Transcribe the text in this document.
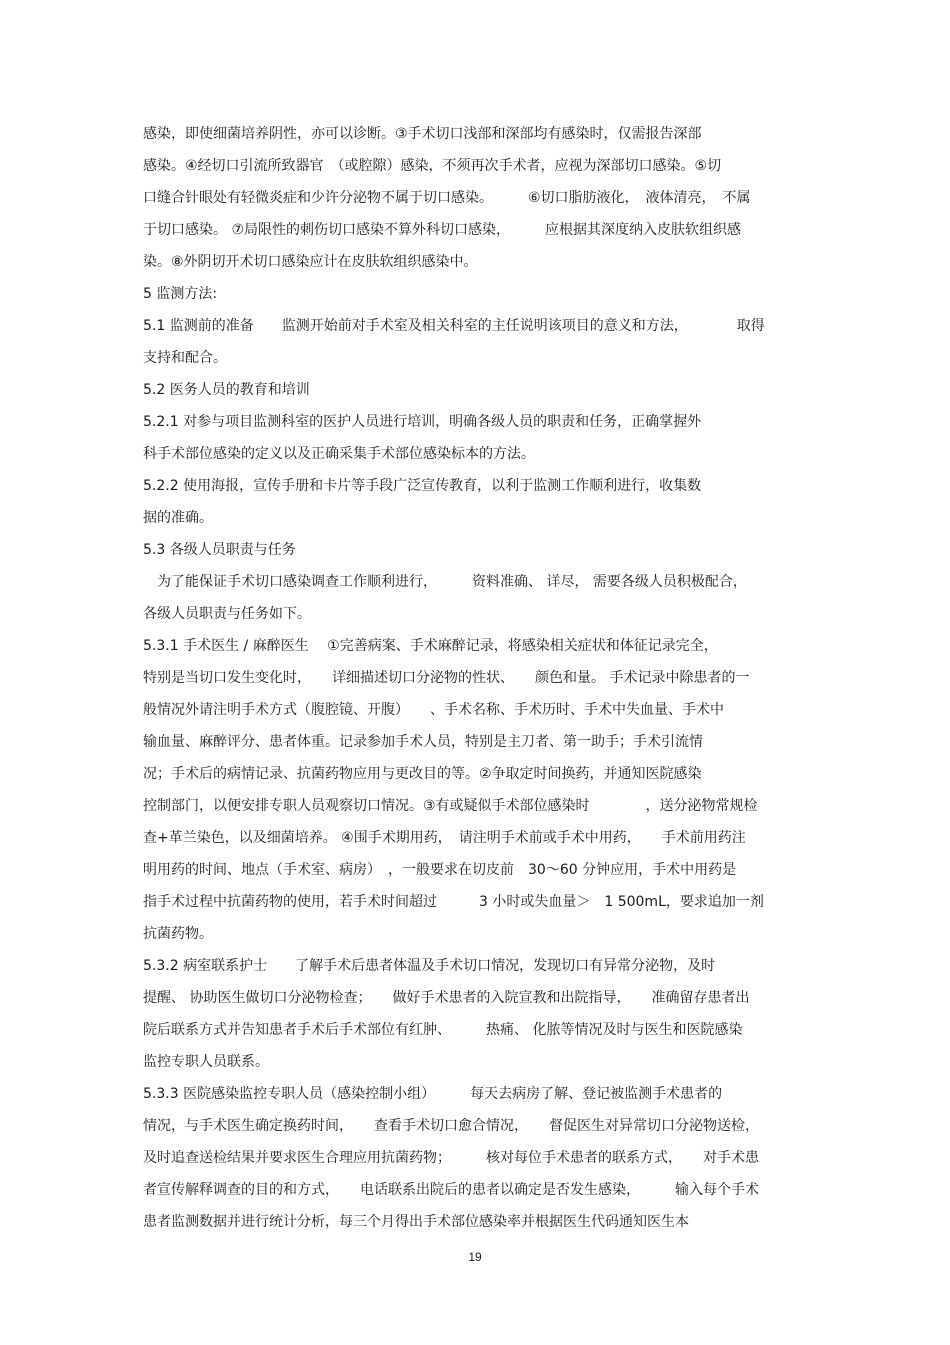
感染，即使细菌培养阴性，亦可以诊断。③手术切口浅部和深部均有感染时，仅需报告深部
感染。④经切口引流所致器官　（或腔隙）感染，不须再次手术者，应视为深部切口感染。⑤切
口缝合针眼处有轻微炎症和少许分泌物不属于切口感染。　　　⑥切口脂肪液化，　液体清亮，　不属
于切口感染。 ⑦局限性的刺伤切口感染不算外科切口感染，　　　应根据其深度纳入皮肤软组织感
染。⑧外阴切开术切口感染应计在皮肤软组织感染中。
5 监测方法:
5.1 监测前的准备　　监测开始前对手术室及相关科室的主任说明该项目的意义和方法，　　　　取得
支持和配合。
5.2 医务人员的教育和培训
5.2.1 对参与项目监测科室的医护人员进行培训，明确各级人员的职责和任务，正确掌握外
科手术部位感染的定义以及正确采集手术部位感染标本的方法。
5.2.2 使用海报，宣传手册和卡片等手段广泛宣传教育，以利于监测工作顺利进行，收集数
据的准确。
5.3 各级人员职责与任务
　为了能保证手术切口感染调查工作顺利进行，　　　资料准确、 详尽， 需要各级人员积极配合，
各级人员职责与任务如下。
5.3.1 手术医生 / 麻醉医生　 ①完善病案、手术麻醉记录，将感染相关症状和体征记录完全，
特别是当切口发生变化时，　　详细描述切口分泌物的性状、　　颜色和量。 手术记录中除患者的一
般情况外请注明手术方式（腹腔镜、开腹）　　、手术名称、手术历时、手术中失血量、手术中
输血量、麻醉评分、患者体重。记录参加手术人员，特别是主刀者、第一助手；手术引流情
况；手术后的病情记录、抗菌药物应用与更改目的等。②争取定时间换药，并通知医院感染
控制部门，以便安排专职人员观察切口情况。③有或疑似手术部位感染时　　　　，送分泌物常规检
查+革兰染色，以及细菌培养。 ④围手术期用药，　请注明手术前或手术中用药，　　手术前用药注
明用药的时间、地点（手术室、病房）　，一般要求在切皮前　30～60 分钟应用，手术中用药是
指手术过程中抗菌药物的使用，若手术时间超过　　　3 小时或失血量＞　1 500mL，要求追加一剂
抗菌药物。
5.3.2 病室联系护士　　了解手术后患者体温及手术切口情况，发现切口有异常分泌物，及时
提醒、 协助医生做切口分泌物检查；　　做好手术患者的入院宣教和出院指导，　　准确留存患者出
院后联系方式并告知患者手术后手术部位有红肿、　　　热痛、 化脓等情况及时与医生和医院感染
监控专职人员联系。
5.3.3 医院感染监控专职人员（感染控制小组）　　　每天去病房了解、登记被监测手术患者的
情况，与手术医生确定换药时间，　　查看手术切口愈合情况，　　督促医生对异常切口分泌物送检，
及时追查送检结果并要求医生合理应用抗菌药物；　　　核对每位手术患者的联系方式，　　对手术患
者宣传解释调查的目的和方式，　　电话联系出院后的患者以确定是否发生感染，　　　输入每个手术
患者监测数据并进行统计分析，每三个月得出手术部位感染率并根据医生代码通知医生本
19
